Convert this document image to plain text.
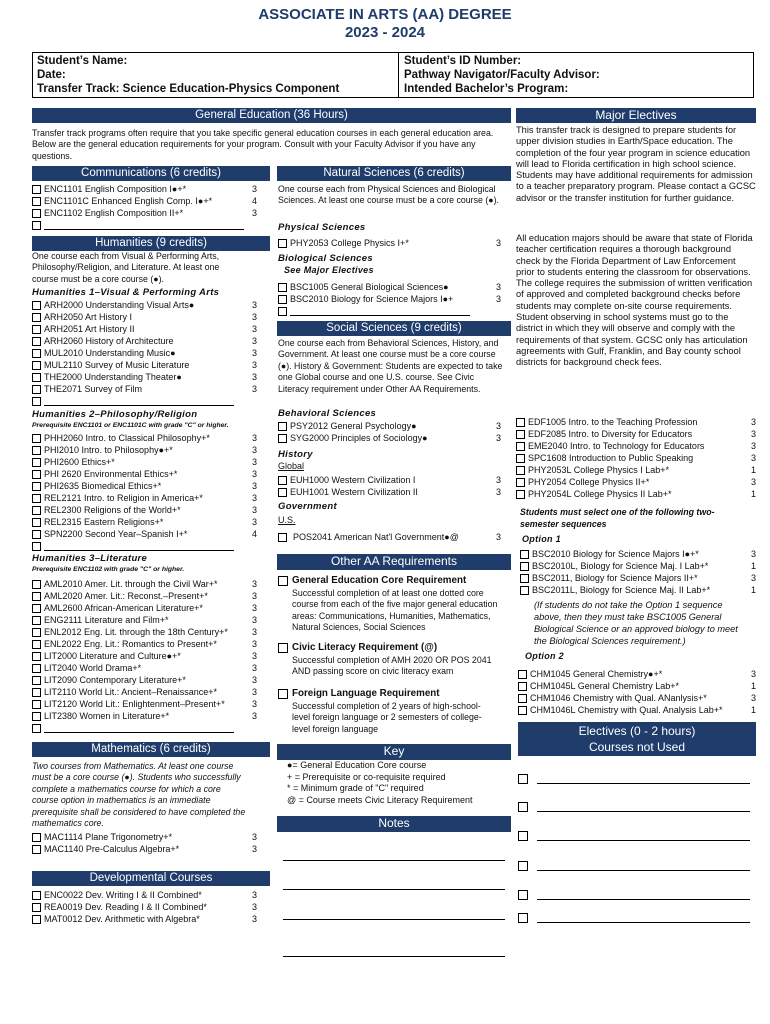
ASSOCIATE IN ARTS (AA) DEGREE
2023 - 2024
Student’s Name:
Date:
Transfer Track: Science Education-Physics Component
Student’s ID Number:
Pathway Navigator/Faculty Advisor:
Intended Bachelor’s Program:
General Education (36 Hours)
Transfer track programs often require that you take specific general education courses in each general education area. Below are the general education requirements for your program. Consult with your Faculty Advisor if you have any questions.
Communications (6 credits)
ENC1101 English Composition I●+*	3
ENC1101C Enhanced English Comp. I●+*	4
ENC1102 English Composition II+*	3
Humanities (9 credits)
One course each from Visual & Performing Arts, Philosophy/Religion, and Literature. At least one course must be a core course (●).
Humanities 1–Visual & Performing Arts
ARH2000 Understanding Visual Arts●	3
ARH2050 Art History I	3
ARH2051 Art History II	3
ARH2060 History of Architecture	3
MUL2010 Understanding Music●	3
MUL2110 Survey of Music Literature	3
THE2000 Understanding Theater●	3
THE2071 Survey of Film	3
Humanities 2–Philosophy/Religion
Prerequisite ENC1101 or ENC1101C with grade "C" or higher.
PHH2060 Intro. to Classical Philosophy+*	3
PHI2010 Intro. to Philosophy●+*	3
PHI2600 Ethics+*	3
PHI 2620 Environmental Ethics+*	3
PHI2635 Biomedical Ethics+*	3
REL2121 Intro. to Religion in America+*	3
REL2300 Religions of the World+*	3
REL2315 Eastern Religions+*	3
SPN2200 Second Year–Spanish I+*	4
Humanities 3–Literature
Prerequisite ENC1102 with grade "C" or higher.
AML2010 Amer. Lit. through the Civil War+*	3
AML2020 Amer. Lit.: Reconst.–Present+*	3
AML2600 African-American Literature+*	3
ENG2111 Literature and Film+*	3
ENL2012 Eng. Lit. through the 18th Century+*	3
ENL2022 Eng. Lit.: Romantics to Present+*	3
LIT2000 Literature and Culture●+*	3
LIT2040 World Drama+*	3
LIT2090 Contemporary Literature+*	3
LIT2110 World Lit.: Ancient–Renaissance+*	3
LIT2120 World Lit.: Enlightenment–Present+*	3
LIT2380 Women in Literature+*	3
Mathematics (6 credits)
Two courses from Mathematics. At least one course must be a core course (●). Students who successfully complete a mathematics course for which a core course option in mathematics is an immediate prerequisite shall be considered to have completed the mathematics core.
MAC1114 Plane Trigonometry+*	3
MAC1140 Pre-Calculus Algebra+*	3
Developmental Courses
ENC0022 Dev. Writing I & II Combined*	3
REA0019 Dev. Reading I & II Combined*	3
MAT0012 Dev. Arithmetic with Algebra*	3
Natural Sciences (6 credits)
One course each from Physical Sciences and Biological Sciences. At least one course must be a core course (●).
Physical Sciences
PHY2053 College Physics I+*	3
Biological Sciences
See Major Electives
BSC1005 General Biological Sciences●	3
BSC2010 Biology for Science Majors I●+	3
Social Sciences (9 credits)
One course each from Behavioral Sciences, History, and Government. At least one course must be a core course (●). History & Government: Students are expected to take one Global course and one U.S. course. See Civic Literacy requirement under Other AA Requirements.
Behavioral Sciences
PSY2012 General Psychology●	3
SYG2000 Principles of Sociology●	3
History
Global
EUH1000 Western Civilization I	3
EUH1001 Western Civilization II	3
Government
U.S.
POS2041 American Nat'l Government●@	3
Other AA Requirements
General Education Core Requirement
Successful completion of at least one dotted core course from each of the five major general education areas: Communications, Humanities, Mathematics, Natural Sciences, Social Sciences
Civic Literacy Requirement (@)
Successful completion of AMH 2020 OR POS 2041 AND passing score on civic literacy exam
Foreign Language Requirement
Successful completion of 2 years of high-school-level foreign language or 2 semesters of college-level foreign language
Key
●= General Education Core course
+ = Prerequisite or co-requisite required
* = Minimum grade of "C" required
@ = Course meets Civic Literacy Requirement
Notes
Major Electives
This transfer track is designed to prepare students for upper division studies in Earth/Space education. The completion of the four year program in science education will lead to Florida certification in high school science. Students may have additional requirements for admission to a teacher preparatory program. Please contact a GCSC advisor or the transfer institution for further guidance.
All education majors should be aware that state of Florida teacher certification requires a thorough background check by the Florida Department of Law Enforcement prior to students entering the classroom for observations. The college requires the submission of written verification of approved and completed background checks before students may complete on-site course requirements. Student observing in school systems must go to the district in which they will observe and comply with the requirements of that system. GCSC only has articulation agreements with Gulf, Franklin, and Bay county school districts for background check fees.
EDF1005 Intro. to the Teaching Profession	3
EDF2085 Intro. to Diversity for Educators	3
EME2040 Intro. to Technology for Educators	3
SPC1608 Introduction to Public Speaking	3
PHY2053L College Physics I Lab+*	1
PHY2054 College Physics II+*	3
PHY2054L College Physics II Lab+*	1
Students must select one of the following two-semester sequences
Option 1
BSC2010 Biology for Science Majors I●+*	3
BSC2010L, Biology for Science Maj. I Lab+*	1
BSC2011, Biology for Science Majors II+*	3
BSC2011L, Biology for Science Maj. II Lab+*	1
(If students do not take the Option 1 sequence above, then they must take BSC1005 General Biological Science or an approved biology to meet the Biological Sciences requirement.)
Option 2
CHM1045 General Chemistry●+*	3
CHM1045L General Chemistry Lab+*	1
CHM1046 Chemistry with Qual. ANanlysis+*	3
CHM1046L Chemistry with Qual. Analysis Lab+*	1
Electives (0 - 2 hours)
Courses not Used
